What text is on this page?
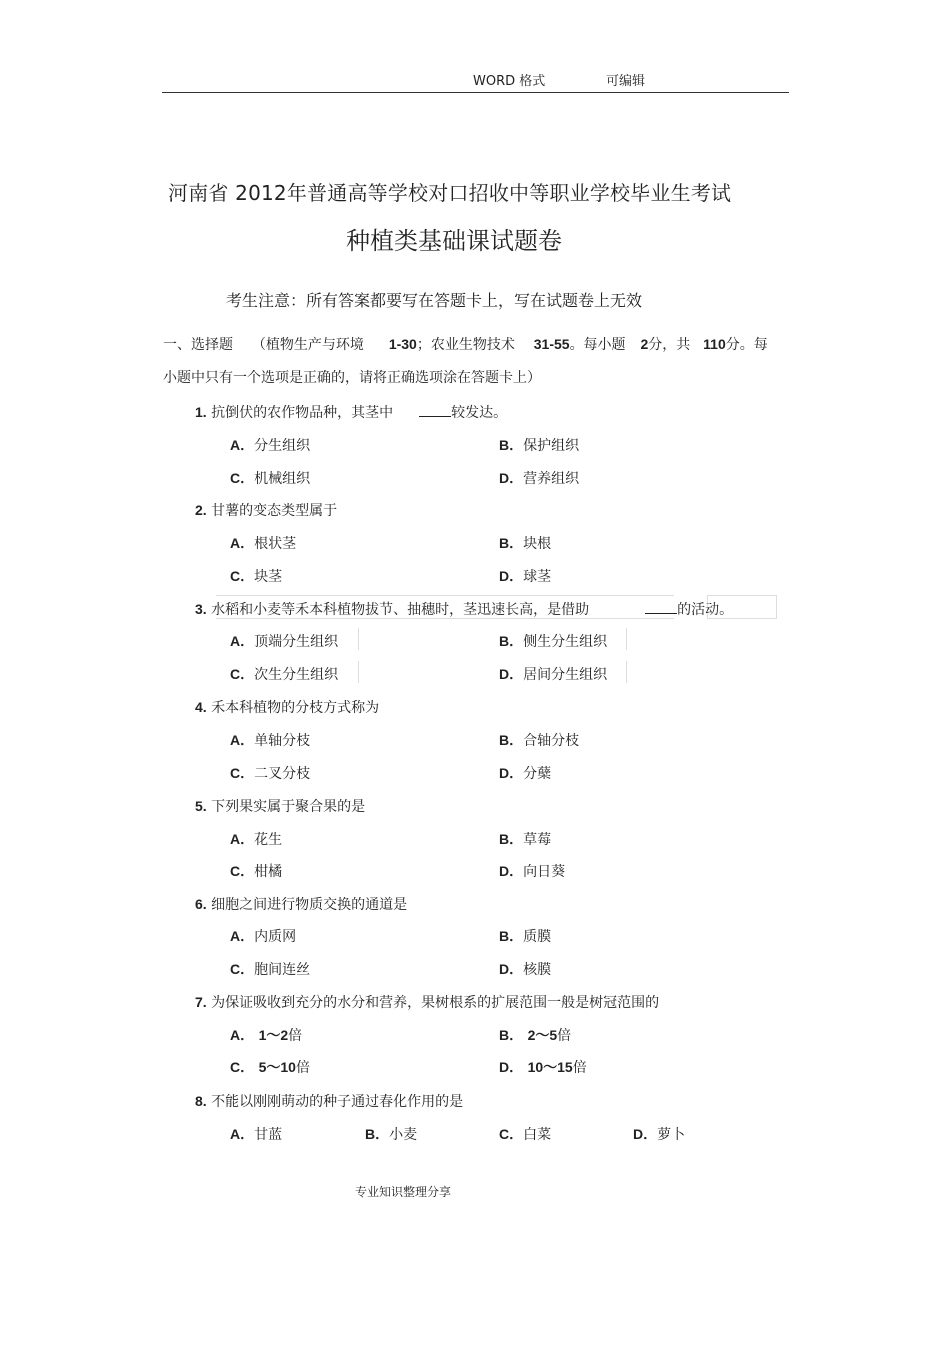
WORD 格式	可编辑
河南省 2012年普通高等学校对口招收中等职业学校毕业生考试
种植类基础课试题卷
考生注意：所有答案都要写在答题卡上，写在试题卷上无效
一、选择题 （植物生产与环境 1-30；农业生物技术 31-55。每小题 2分，共 110分。每
小题中只有一个选项是正确的，请将正确选项涂在答题卡上）
1. 抗倒伏的农作物品种，其茎中	较发达。
A．分生组织	B．保护组织
C．机械组织	D．营养组织
2. 甘薯的变态类型属于
A．根状茎	B．块根
C．块茎	D．球茎
3. 水稻和小麦等禾本科植物拔节、抽穗时，茎迅速长高，是借助	的活动。
A．顶端分生组织	B．侧生分生组织
C．次生分生组织	D．居间分生组织
4. 禾本科植物的分枝方式称为
A．单轴分枝	B．合轴分枝
C．二叉分枝	D．分蘖
5. 下列果实属于聚合果的是
A．花生	B．草莓
C．柑橘	D．向日葵
6. 细胞之间进行物质交换的通道是
A．内质网	B．质膜
C．胞间连丝	D．核膜
7. 为保证吸收到充分的水分和营养，果树根系的扩展范围一般是树冠范围的
A． 1～2倍	B． 2～5倍
C． 5～10倍	D． 10～15倍
8. 不能以刚刚萌动的种子通过春化作用的是
A．甘蓝	B．小麦	C．白菜	D．萝卜
专业知识整理分享
